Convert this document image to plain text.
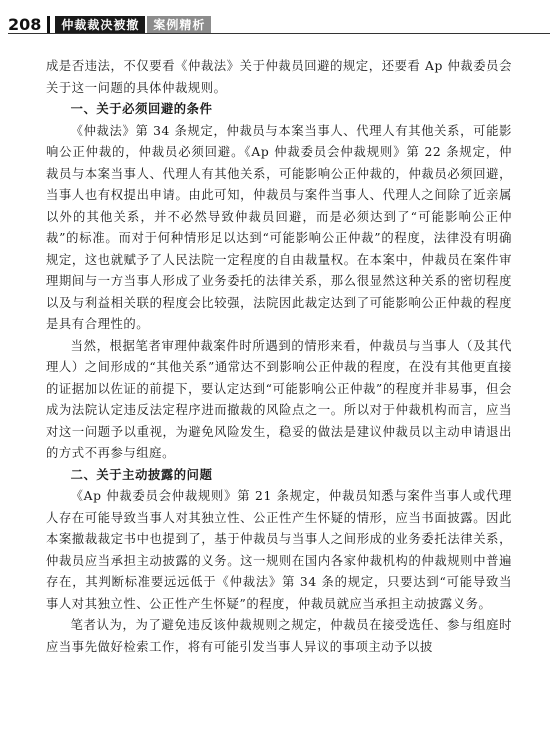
208	仲裁裁决被撤	案例精析

成是否违法，不仅要看《仲裁法》关于仲裁员回避的规定，还要看 Ap 仲裁委员会关于这一问题的具体仲裁规则。

一、关于必须回避的条件

《仲裁法》第 34 条规定，仲裁员与本案当事人、代理人有其他关系，可能影响公正仲裁的，仲裁员必须回避。《Ap 仲裁委员会仲裁规则》第 22 条规定，仲裁员与本案当事人、代理人有其他关系，可能影响公正仲裁的，仲裁员必须回避，当事人也有权提出申请。由此可知，仲裁员与案件当事人、代理人之间除了近亲属以外的其他关系，并不必然导致仲裁员回避，而是必须达到了“可能影响公正仲裁”的标准。而对于何种情形足以达到“可能影响公正仲裁”的程度，法律没有明确规定，这也就赋予了人民法院一定程度的自由裁量权。在本案中，仲裁员在案件审理期间与一方当事人形成了业务委托的法律关系，那么很显然这种关系的密切程度以及与利益相关联的程度会比较强，法院因此裁定达到了可能影响公正仲裁的程度是具有合理性的。

当然，根据笔者审理仲裁案件时所遇到的情形来看，仲裁员与当事人（及其代理人）之间形成的“其他关系”通常达不到影响公正仲裁的程度，在没有其他更直接的证据加以佐证的前提下，要认定达到“可能影响公正仲裁”的程度并非易事，但会成为法院认定违反法定程序进而撤裁的风险点之一。所以对于仲裁机构而言，应当对这一问题予以重视，为避免风险发生，稳妥的做法是建议仲裁员以主动申请退出的方式不再参与组庭。

二、关于主动披露的问题

《Ap 仲裁委员会仲裁规则》第 21 条规定，仲裁员知悉与案件当事人或代理人存在可能导致当事人对其独立性、公正性产生怀疑的情形，应当书面披露。因此本案撤裁裁定书中也提到了，基于仲裁员与当事人之间形成的业务委托法律关系，仲裁员应当承担主动披露的义务。这一规则在国内各家仲裁机构的仲裁规则中普遍存在，其判断标准要远远低于《仲裁法》第 34 条的规定，只要达到“可能导致当事人对其独立性、公正性产生怀疑”的程度，仲裁员就应当承担主动披露义务。

笔者认为，为了避免违反该仲裁规则之规定，仲裁员在接受选任、参与组庭时应当事先做好检索工作，将有可能引发当事人异议的事项主动予以披
